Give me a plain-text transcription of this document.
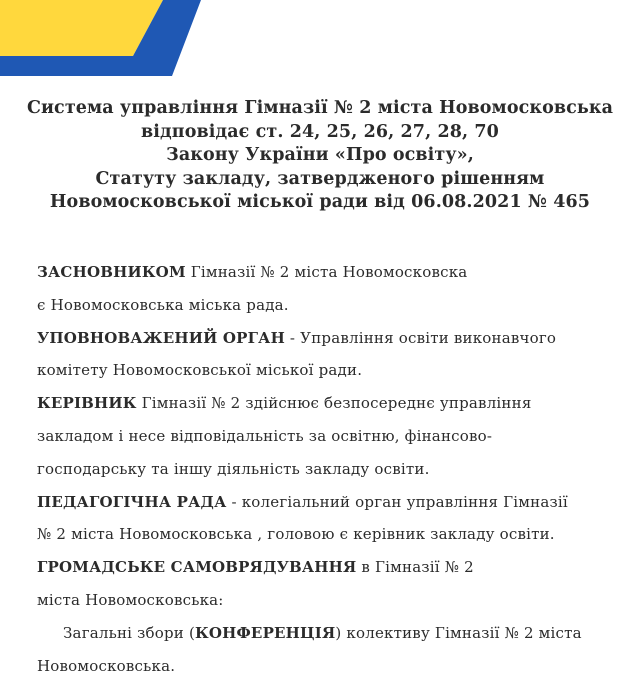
Система управління Гімназії № 2 міста Новомосковська
відповідає ст. 24, 25, 26, 27, 28, 70
Закону України «Про освіту»,
Статуту закладу, затвердженого рішенням
Новомосковської міської ради від 06.08.2021 № 465
ЗАСНОВНИКОМ Гімназії № 2 міста Новомосковска
є Новомосковська міська рада.
УПОВНОВАЖЕНИЙ ОРГАН - Управління освіти виконавчого
комітету Новомосковської міської ради.
КЕРІВНИК Гімназії № 2 здійснює безпосереднє управління
закладом і несе відповідальність за освітню, фінансово-
господарську та іншу діяльність закладу освіти.
ПЕДАГОГІЧНА РАДА - колегіальний орган управління Гімназії
№ 2 міста Новомосковська , головою є керівник закладу освіти.
ГРОМАДСЬКЕ САМОВРЯДУВАННЯ в Гімназії № 2
міста Новомосковська:
Загальні збори (КОНФЕРЕНЦІЯ) колективу Гімназії № 2 міста
Новомосковська.
